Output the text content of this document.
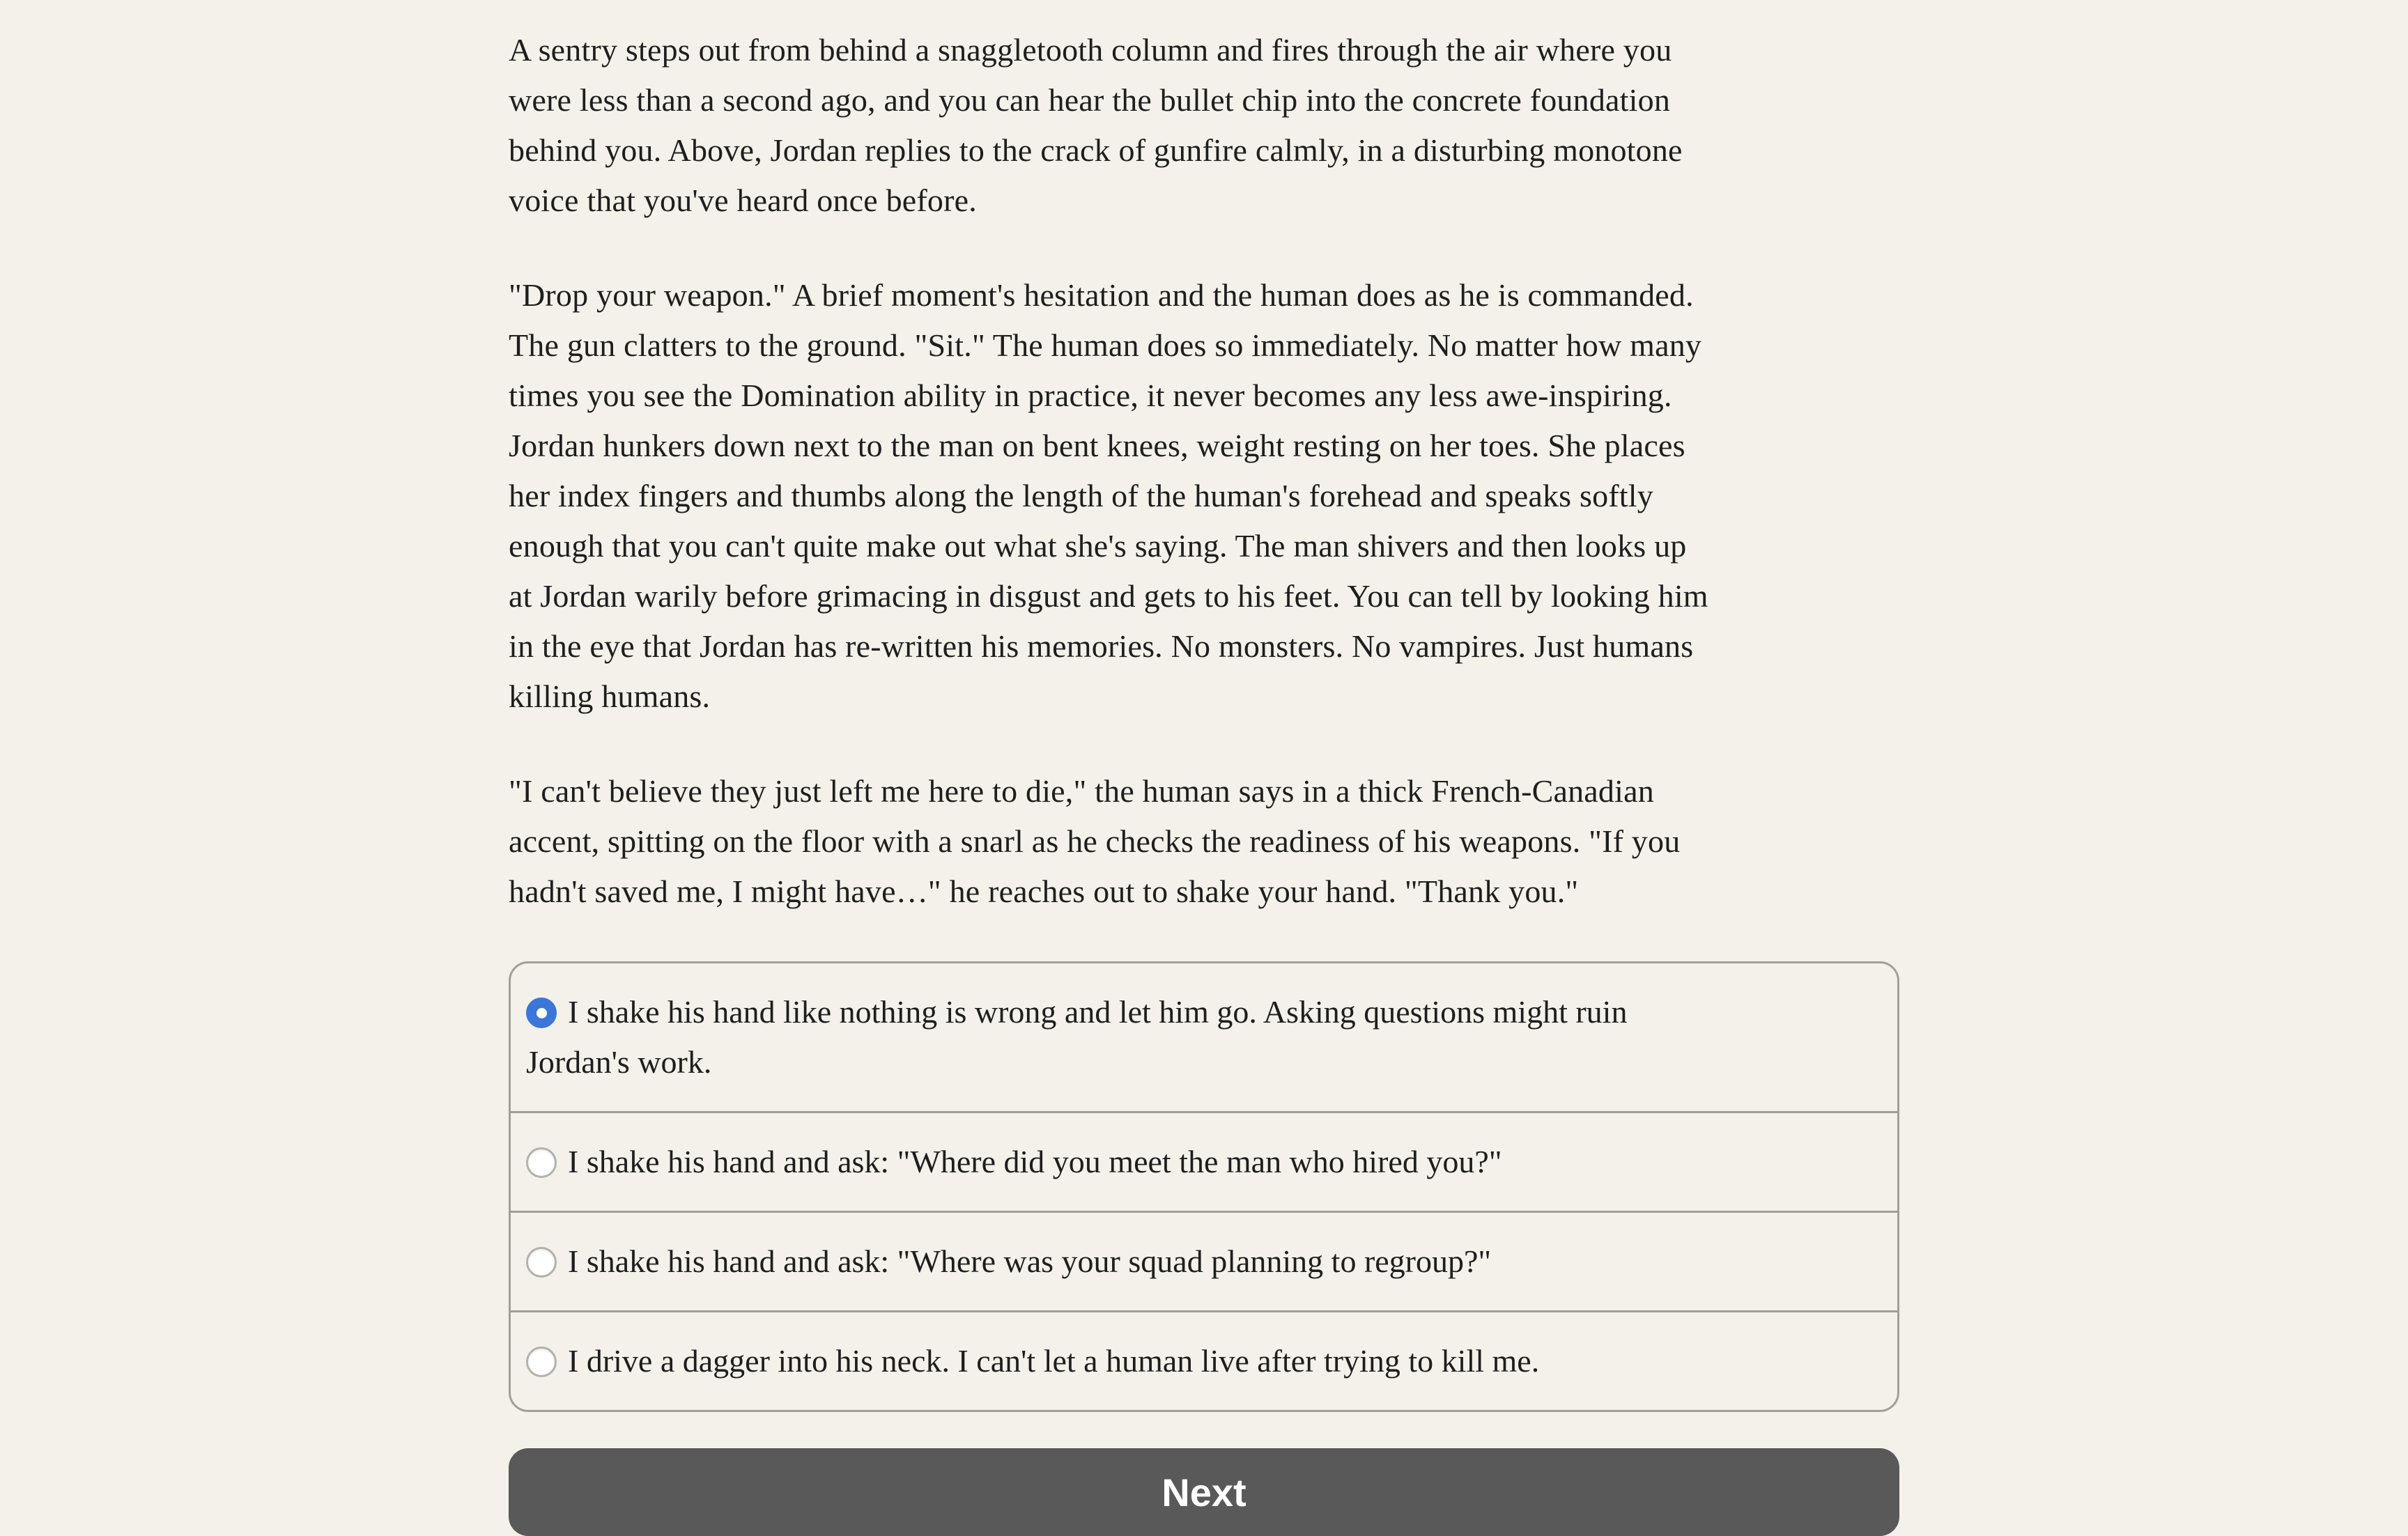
A sentry steps out from behind a snaggletooth column and fires through the air where you
were less than a second ago, and you can hear the bullet chip into the concrete foundation
behind you. Above, Jordan replies to the crack of gunfire calmly, in a disturbing monotone
voice that you've heard once before.

"Drop your weapon." A brief moment's hesitation and the human does as he is commanded.
The gun clatters to the ground. "Sit." The human does so immediately. No matter how many
times you see the Domination ability in practice, it never becomes any less awe-inspiring.
Jordan hunkers down next to the man on bent knees, weight resting on her toes. She places
her index fingers and thumbs along the length of the human's forehead and speaks softly
enough that you can't quite make out what she's saying. The man shivers and then looks up
at Jordan warily before grimacing in disgust and gets to his feet. You can tell by looking him
in the eye that Jordan has re-written his memories. No monsters. No vampires. Just humans
killing humans.

"I can't believe they just left me here to die," the human says in a thick French-Canadian
accent, spitting on the floor with a snarl as he checks the readiness of his weapons. "If you
hadn't saved me, I might have…" he reaches out to shake your hand. "Thank you."

I shake his hand like nothing is wrong and let him go. Asking questions might ruin
Jordan's work.
I shake his hand and ask: "Where did you meet the man who hired you?"
I shake his hand and ask: "Where was your squad planning to regroup?"
I drive a dagger into his neck. I can't let a human live after trying to kill me.
Next
